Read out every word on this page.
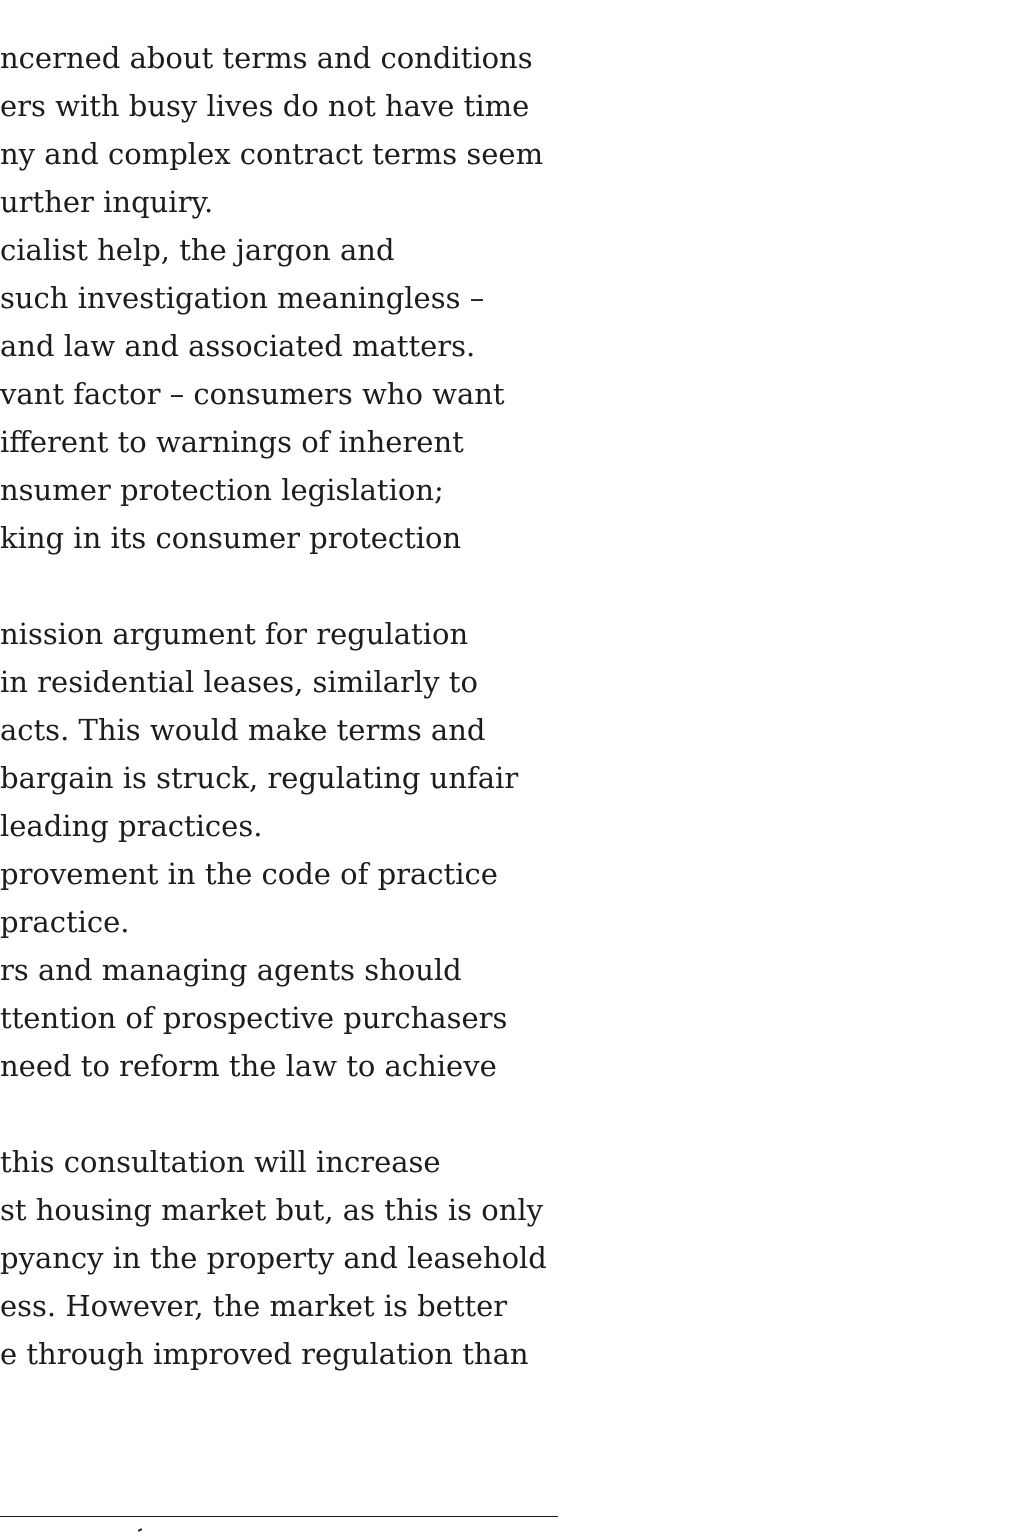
ncerned about terms and conditions
ers with busy lives do not have time
ny and complex contract terms seem
urther inquiry.
cialist help, the jargon and
such investigation meaningless –
and law and associated matters.
vant factor – consumers who want
ifferent to warnings of inherent
nsumer protection legislation;
king in its consumer protection
nission argument for regulation
in residential leases, similarly to
acts. This would make terms and
bargain is struck, regulating unfair
leading practices.
provement in the code of practice
practice.
rs and managing agents should
ttention of prospective purchasers
need to reform the law to achieve
this consultation will increase
st housing market but, as this is only
pyancy in the property and leasehold
ess. However, the market is better
e through improved regulation than
